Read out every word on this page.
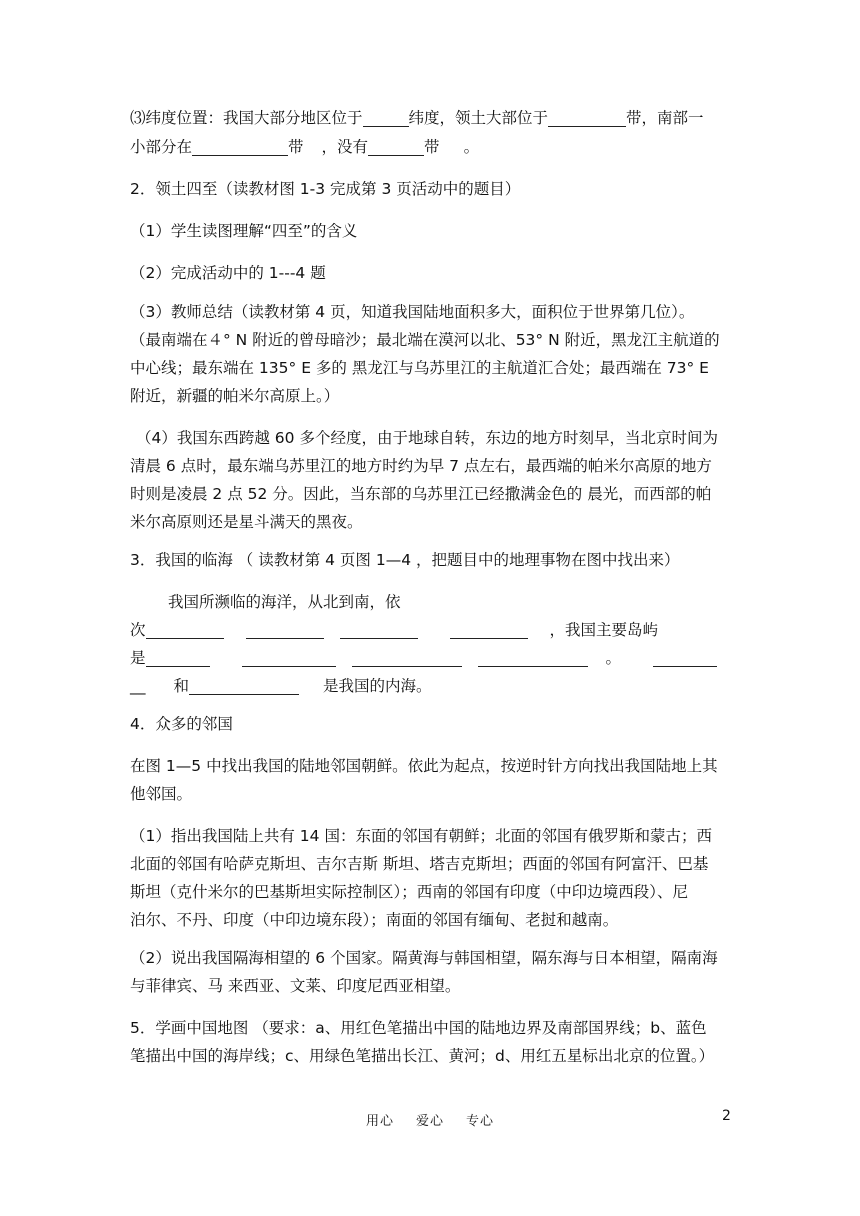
⑶纬度位置：我国大部分地区位于	纬度，领土大部位于	带，南部一
小部分在	带 ，没有	带 。
2．领土四至（读教材图 1-3 完成第 3 页活动中的题目）
（1）学生读图理解“四至”的含义
（2）完成活动中的 1---4 题
（3）教师总结（读教材第 4 页，知道我国陆地面积多大，面积位于世界第几位）。
（最南端在４° N 附近的曾母暗沙；最北端在漠河以北、53° N 附近，黑龙江主航道的
中心线；最东端在 135° E 多的 黑龙江与乌苏里江的主航道汇合处；最西端在 73° E
附近，新疆的帕米尔高原上。）
（4）我国东西跨越 60 多个经度，由于地球自转，东边的地方时刻早，当北京时间为
清晨 6 点时，最东端乌苏里江的地方时约为早 7 点左右，最西端的帕米尔高原的地方
时则是凌晨 2 点 52 分。因此，当东部的乌苏里江已经撒满金色的 晨光，而西部的帕
米尔高原则还是星斗满天的黑夜。
3．我国的临海 （ 读教材第 4 页图 1—4 ，把题目中的地理事物在图中找出来）
我国所濒临的海洋，从北到南，依
次	，我国主要岛屿
是	。
__ 和	是我国的内海。
4．众多的邻国
在图 1—5 中找出我国的陆地邻国朝鲜。依此为起点，按逆时针方向找出我国陆地上其
他邻国。
（1）指出我国陆上共有 14 国：东面的邻国有朝鲜；北面的邻国有俄罗斯和蒙古；西
北面的邻国有哈萨克斯坦、吉尔吉斯 斯坦、塔吉克斯坦；西面的邻国有阿富汗、巴基
斯坦（克什米尔的巴基斯坦实际控制区）；西南的邻国有印度（中印边境西段）、尼
泊尔、不丹、印度（中印边境东段）；南面的邻国有缅甸、老挝和越南。
（2）说出我国隔海相望的 6 个国家。隔黄海与韩国相望，隔东海与日本相望，隔南海
与菲律宾、马 来西亚、文莱、印度尼西亚相望。
5．学画中国地图 （要求：a、用红色笔描出中国的陆地边界及南部国界线；b、蓝色
笔描出中国的海岸线；c、用绿色笔描出长江、黄河；d、用红五星标出北京的位置。）
用心 爱心 专心	2
